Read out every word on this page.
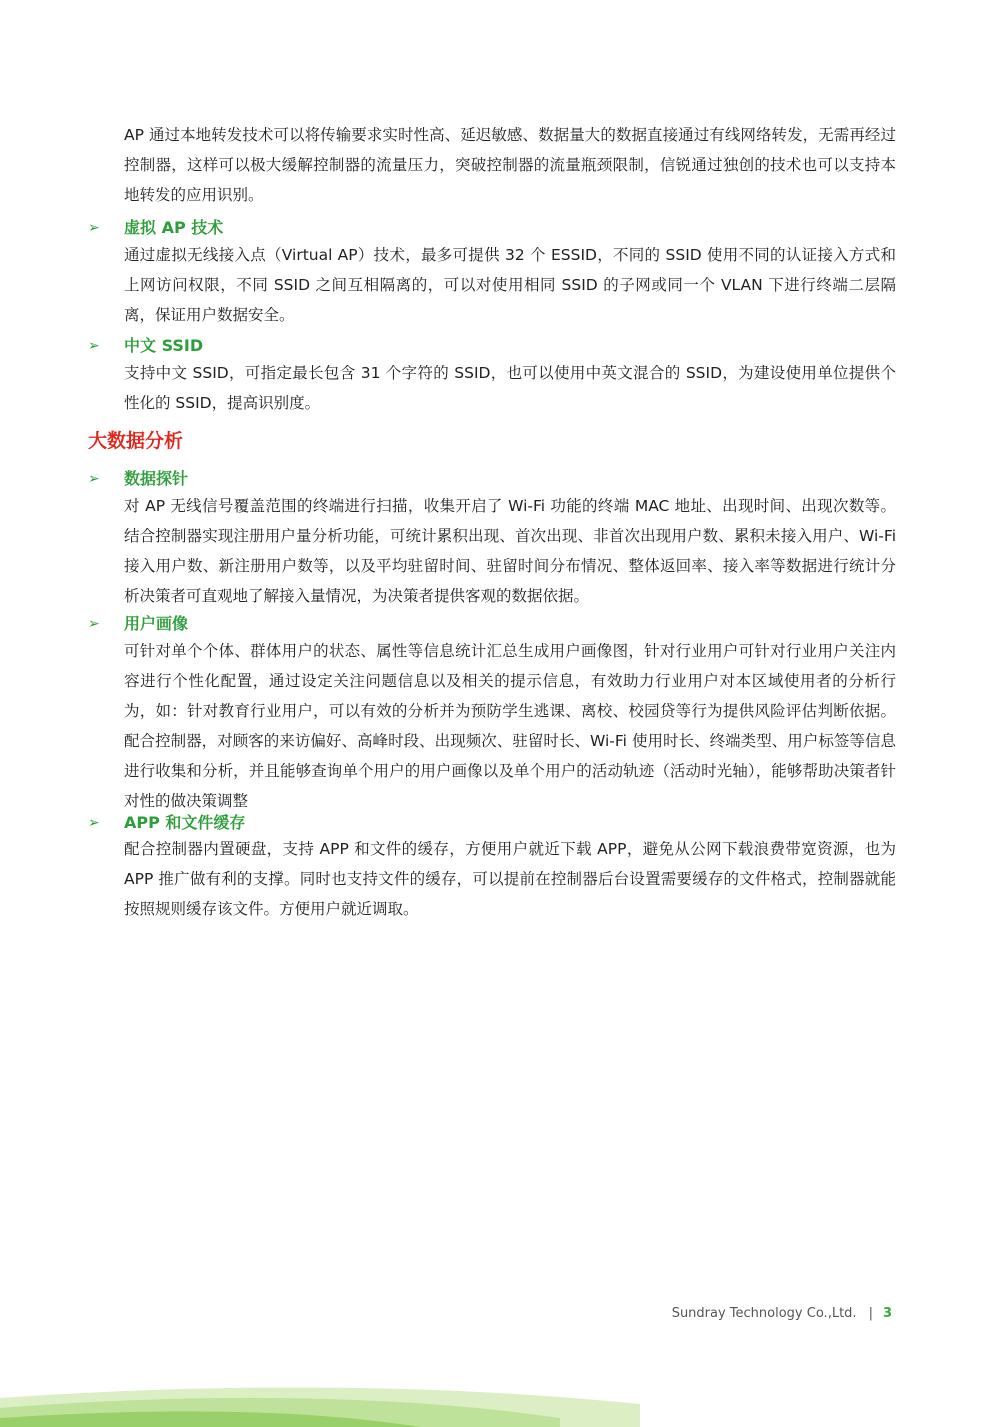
AP 通过本地转发技术可以将传输要求实时性高、延迟敏感、数据量大的数据直接通过有线网络转发，无需再经过控制器，这样可以极大缓解控制器的流量压力，突破控制器的流量瓶颈限制，信锐通过独创的技术也可以支持本地转发的应用识别。

➢	虚拟 AP 技术

通过虚拟无线接入点（Virtual AP）技术，最多可提供 32 个 ESSID，不同的 SSID 使用不同的认证接入方式和上网访问权限，不同 SSID 之间互相隔离的，可以对使用相同 SSID 的子网或同一个 VLAN 下进行终端二层隔离，保证用户数据安全。

➢	中文 SSID

支持中文 SSID，可指定最长包含 31 个字符的 SSID，也可以使用中英文混合的 SSID，为建设使用单位提供个性化的 SSID，提高识别度。

大数据分析
➢	数据探针

对 AP 无线信号覆盖范围的终端进行扫描，收集开启了 Wi-Fi 功能的终端 MAC 地址、出现时间、出现次数等。结合控制器实现注册用户量分析功能，可统计累积出现、首次出现、非首次出现用户数、累积未接入用户、Wi-Fi 接入用户数、新注册用户数等，以及平均驻留时间、驻留时间分布情况、整体返回率、接入率等数据进行统计分析决策者可直观地了解接入量情况，为决策者提供客观的数据依据。

➢	用户画像

可针对单个个体、群体用户的状态、属性等信息统计汇总生成用户画像图，针对行业用户可针对行业用户关注内容进行个性化配置，通过设定关注问题信息以及相关的提示信息，有效助力行业用户对本区域使用者的分析行为，如：针对教育行业用户，可以有效的分析并为预防学生逃课、离校、校园贷等行为提供风险评估判断依据。配合控制器，对顾客的来访偏好、高峰时段、出现频次、驻留时长、Wi-Fi 使用时长、终端类型、用户标签等信息进行收集和分析，并且能够查询单个用户的用户画像以及单个用户的活动轨迹（活动时光轴），能够帮助决策者针对性的做决策调整

➢	APP 和文件缓存

配合控制器内置硬盘，支持 APP 和文件的缓存，方便用户就近下载 APP，避免从公网下载浪费带宽资源，也为 APP 推广做有利的支撑。同时也支持文件的缓存，可以提前在控制器后台设置需要缓存的文件格式，控制器就能按照规则缓存该文件。方便用户就近调取。

Sundray Technology Co.,Ltd. | 3
